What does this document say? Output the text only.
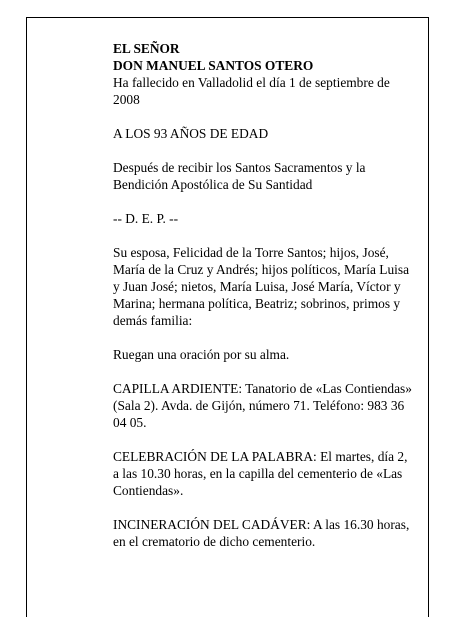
EL SEÑOR

DON MANUEL SANTOS OTERO

Ha fallecido en Valladolid el día 1 de septiembre de 2008

A LOS 93 AÑOS DE EDAD

Después de recibir los Santos Sacramentos y la Bendición Apostólica de Su Santidad

-- D. E. P. --

Su esposa, Felicidad de la Torre Santos; hijos, José, María de la Cruz y Andrés; hijos políticos, María Luisa y Juan José; nietos, María Luisa, José María, Víctor y Marina; hermana política, Beatriz; sobrinos, primos y demás familia:

Ruegan una oración por su alma.

CAPILLA ARDIENTE: Tanatorio de «Las Contiendas» (Sala 2). Avda. de Gijón, número 71. Teléfono: 983 36 04 05.

CELEBRACIÓN DE LA PALABRA: El martes, día 2, a las 10.30 horas, en la capilla del cementerio de «Las Contiendas».

INCINERACIÓN DEL CADÁVER: A las 16.30 horas, en el crematorio de dicho cementerio.
